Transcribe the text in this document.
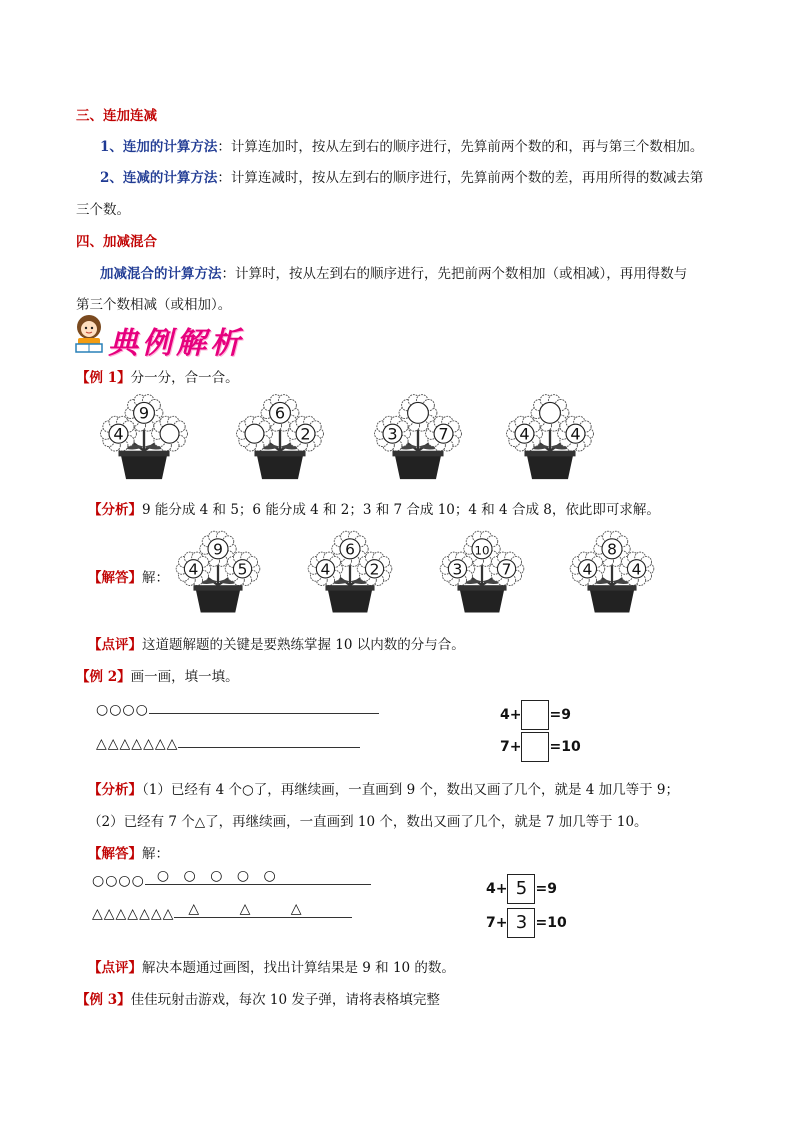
三、连加连减
1、连加的计算方法：计算连加时，按从左到右的顺序进行，先算前两个数的和，再与第三个数相加。
2、连减的计算方法：计算连减时，按从左到右的顺序进行，先算前两个数的差，再用所得的数减去第
三个数。
四、加减混合
加减混合的计算方法：计算时，按从左到右的顺序进行，先把前两个数相加（或相减），再用得数与
第三个数相减（或相加）。
典例解析
【例 1】分一分，合一合。
9
4
6
2	3 7	4 4
【分析】9 能分成 4 和 5；6 能分成 4 和 2；3 和 7 合成 10；4 和 4 合成 8，依此即可求解。
【解答】解：
9
4 5
6
4 2
10
3 7
8
4 4
【点评】这道题解题的关键是要熟练掌握 10 以内数的分与合。
【例 2】画一画，填一填。
○○○○
△△△△△△△
4+ =9
7+ =10
【分析】（1）已经有 4 个○了，再继续画，一直画到 9 个，数出又画了几个，就是 4 加几等于 9；
（2）已经有 7 个△了，再继续画，一直画到 10 个，数出又画了几个，就是 7 加几等于 10。
【解答】解：
○○○○ ○ ○ ○ ○ ○
△△△△△△△ △ △ △
4+ 5 =9
7+ 3 =10
【点评】解决本题通过画图，找出计算结果是 9 和 10 的数。
【例 3】佳佳玩射击游戏，每次 10 发子弹，请将表格填完整
